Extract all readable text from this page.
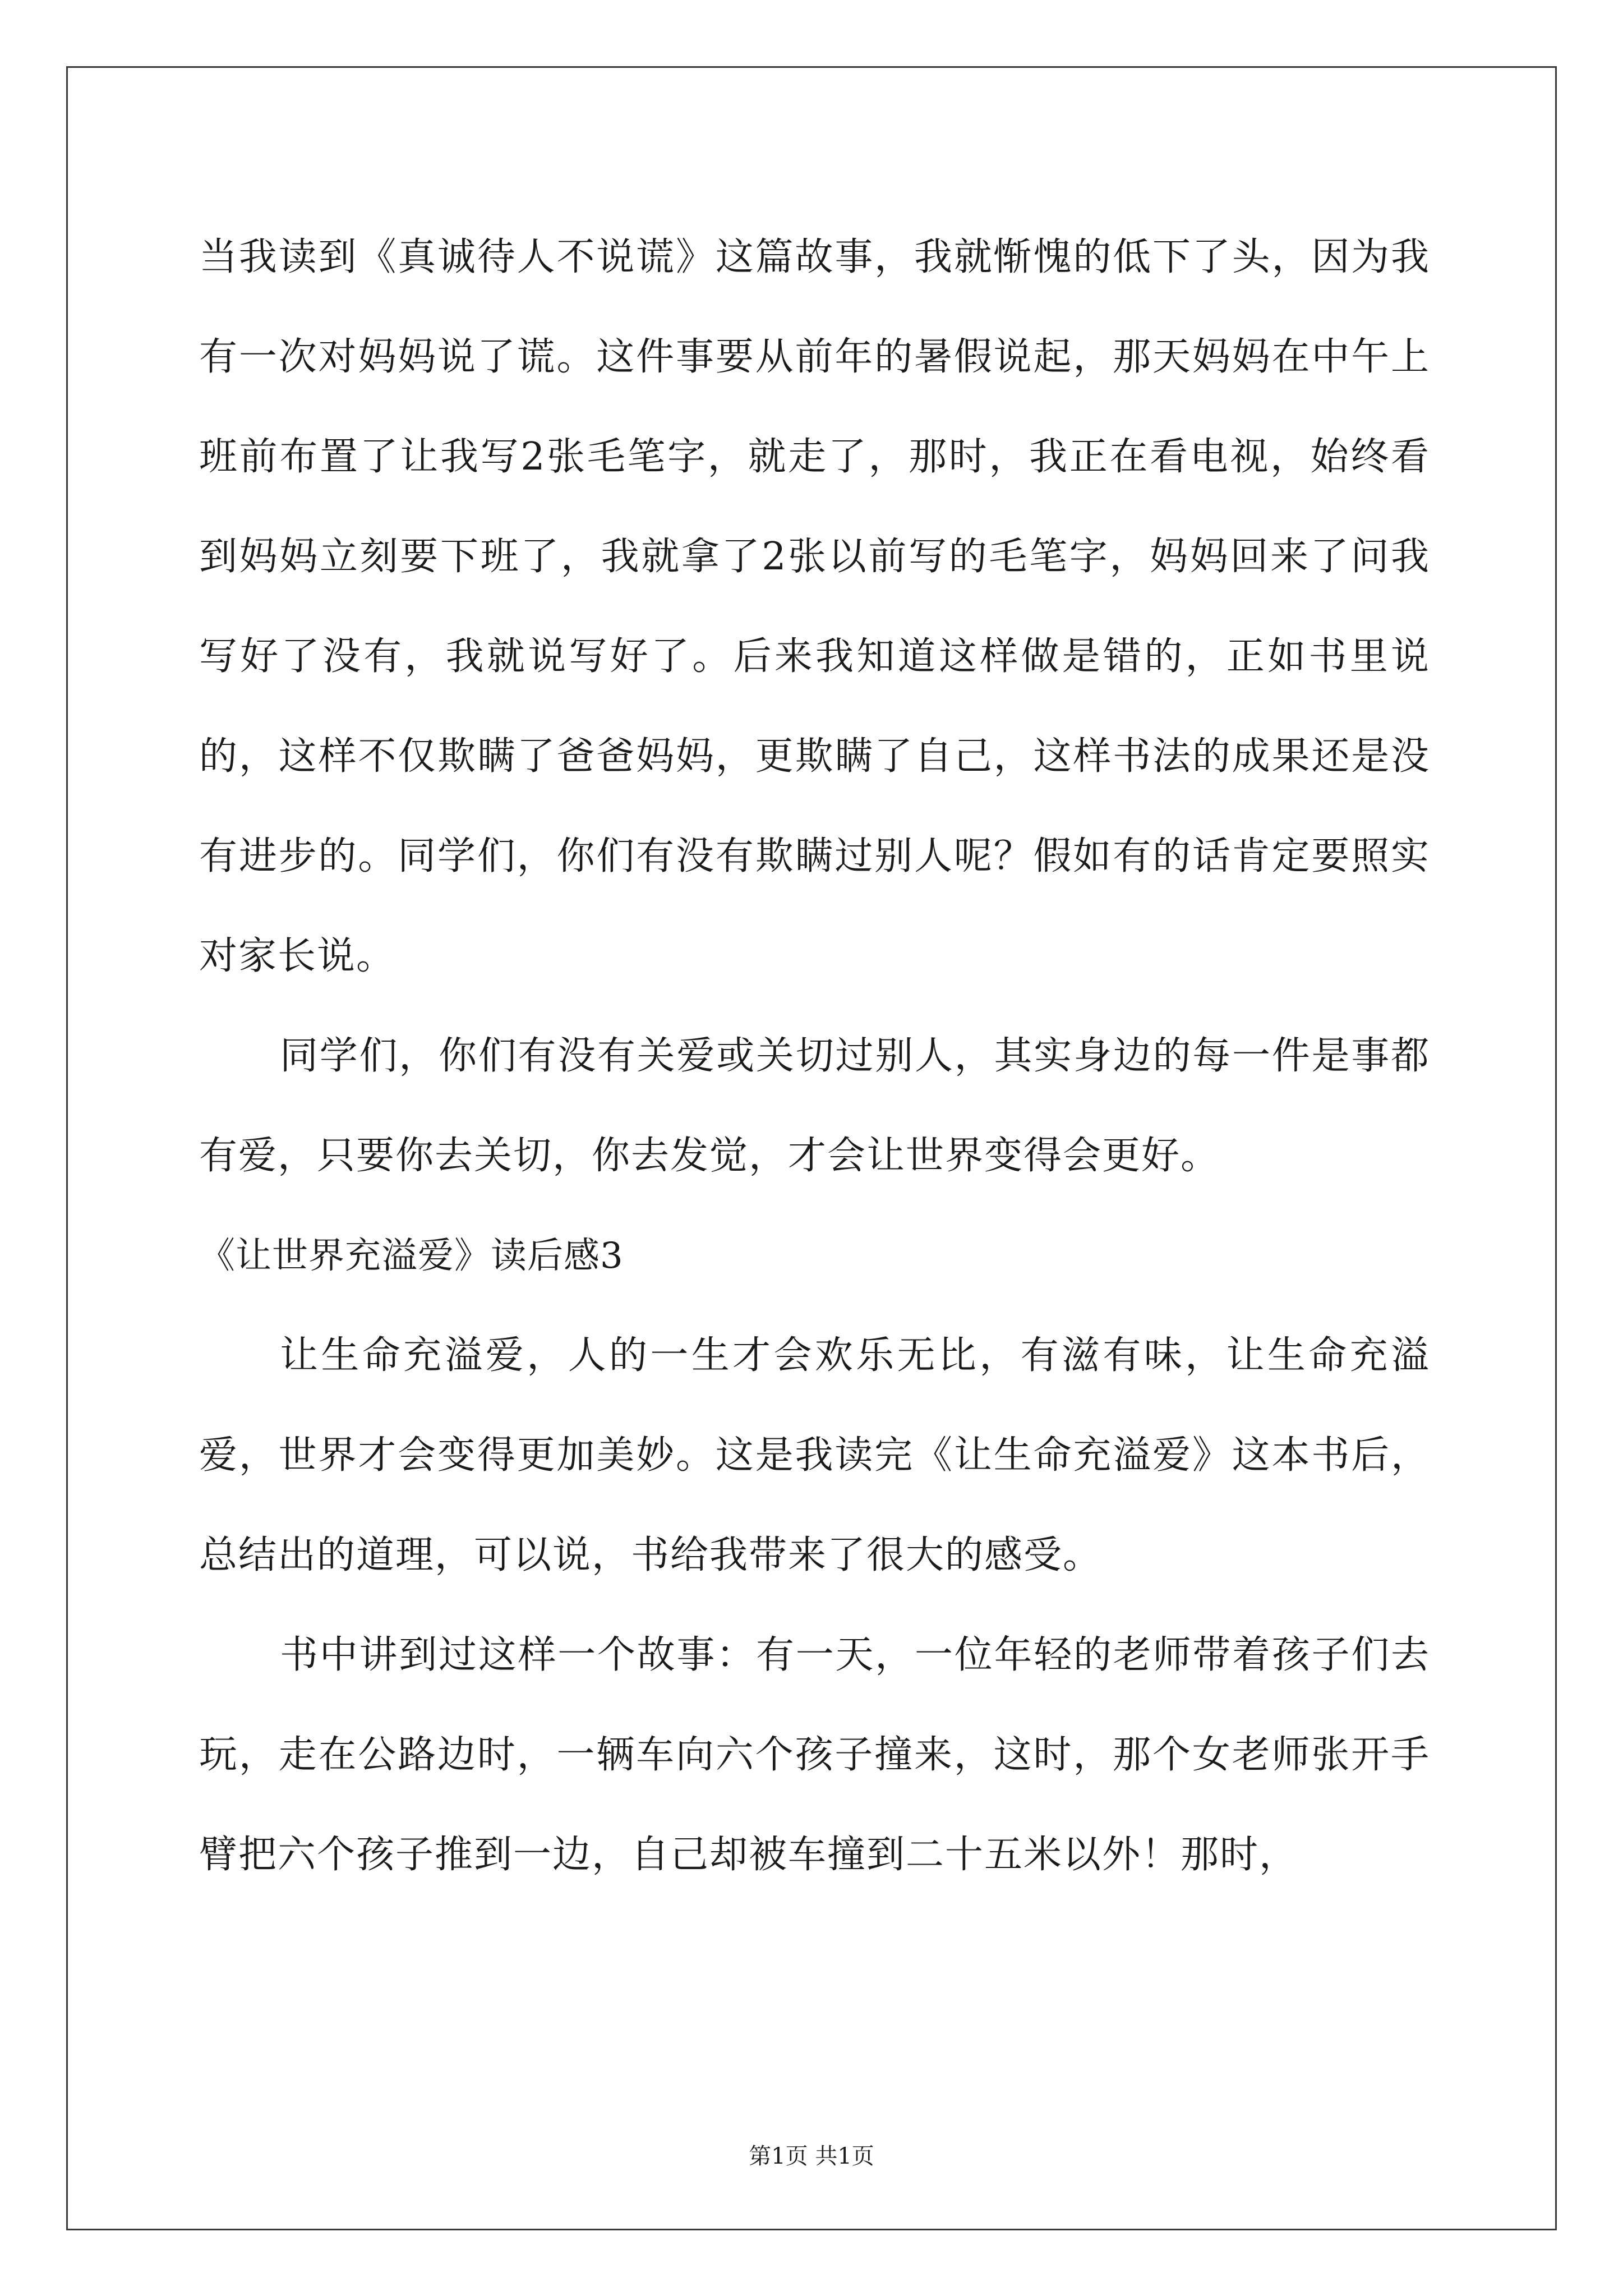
当我读到《真诚待人不说谎》这篇故事，我就惭愧的低下了头，因为我有一次对妈妈说了谎。这件事要从前年的暑假说起，那天妈妈在中午上班前布置了让我写2张毛笔字，就走了，那时，我正在看电视，始终看到妈妈立刻要下班了，我就拿了2张以前写的毛笔字，妈妈回来了问我写好了没有，我就说写好了。后来我知道这样做是错的，正如书里说的，这样不仅欺瞒了爸爸妈妈，更欺瞒了自己，这样书法的成果还是没有进步的。同学们，你们有没有欺瞒过别人呢？假如有的话肯定要照实对家长说。

同学们，你们有没有关爱或关切过别人，其实身边的每一件是事都有爱，只要你去关切，你去发觉，才会让世界变得会更好。

《让世界充溢爱》读后感3

让生命充溢爱，人的一生才会欢乐无比，有滋有味，让生命充溢爱，世界才会变得更加美妙。这是我读完《让生命充溢爱》这本书后，总结出的道理，可以说，书给我带来了很大的感受。

书中讲到过这样一个故事：有一天，一位年轻的老师带着孩子们去玩，走在公路边时，一辆车向六个孩子撞来，这时，那个女老师张开手臂把六个孩子推到一边，自己却被车撞到二十五米以外！那时，

第1页 共1页
